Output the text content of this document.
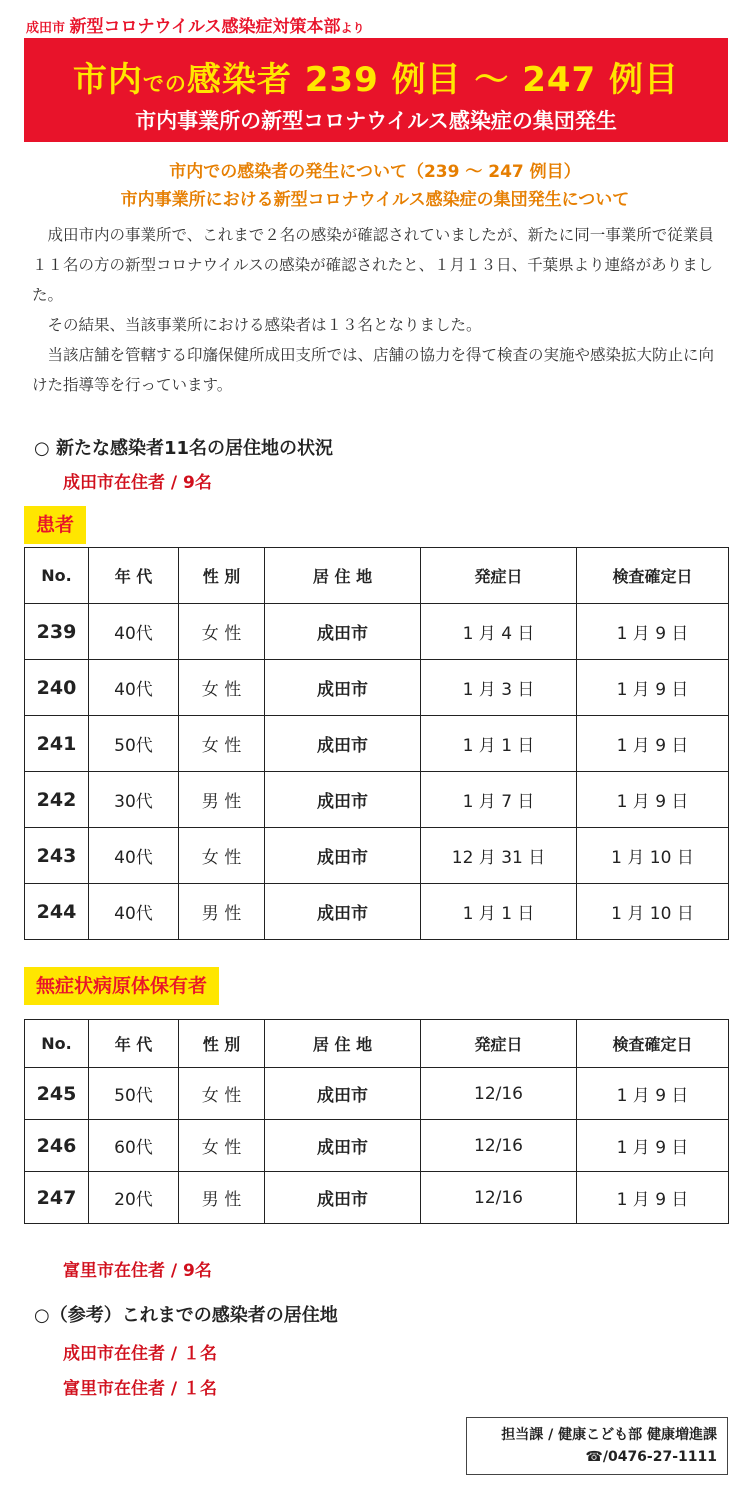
成田市 新型コロナウイルス感染症対策本部より
市内での感染者 239 例目 ～ 247 例目
市内事業所の新型コロナウイルス感染症の集団発生
市内での感染者の発生について（239 ～ 247 例目）
市内事業所における新型コロナウイルス感染症の集団発生について

成田市内の事業所で、これまで２名の感染が確認されていましたが、新たに同一事業所で従業員１１名の方の新型コロナウイルスの感染が確認されたと、１月１３日、千葉県より連絡がありました。

その結果、当該事業所における感染者は１３名となりました。

当該店舗を管轄する印旛保健所成田支所では、店舗の協力を得て検査の実施や感染拡大防止に向けた指導等を行っています。

○ 新たな感染者11名の居住地の状況
成田市在住者 / 9名
患者
No.	年 代	性 別	居 住 地	発症日	検査確定日
239	40代	女 性	成田市	1 月 4 日	1 月 9 日
240	40代	女 性	成田市	1 月 3 日	1 月 9 日
241	50代	女 性	成田市	1 月 1 日	1 月 9 日
242	30代	男 性	成田市	1 月 7 日	1 月 9 日
243	40代	女 性	成田市	12 月 31 日	1 月 10 日
244	40代	男 性	成田市	1 月 1 日	1 月 10 日
無症状病原体保有者
No.	年 代	性 別	居 住 地	発症日	検査確定日
245	50代	女 性	成田市	12/16	1 月 9 日
246	60代	女 性	成田市	12/16	1 月 9 日
247	20代	男 性	成田市	12/16	1 月 9 日
富里市在住者 / 9名
○（参考）これまでの感染者の居住地
成田市在住者 / １名
富里市在住者 / １名
担当課 / 健康こども部 健康増進課
☎/0476-27-1111
